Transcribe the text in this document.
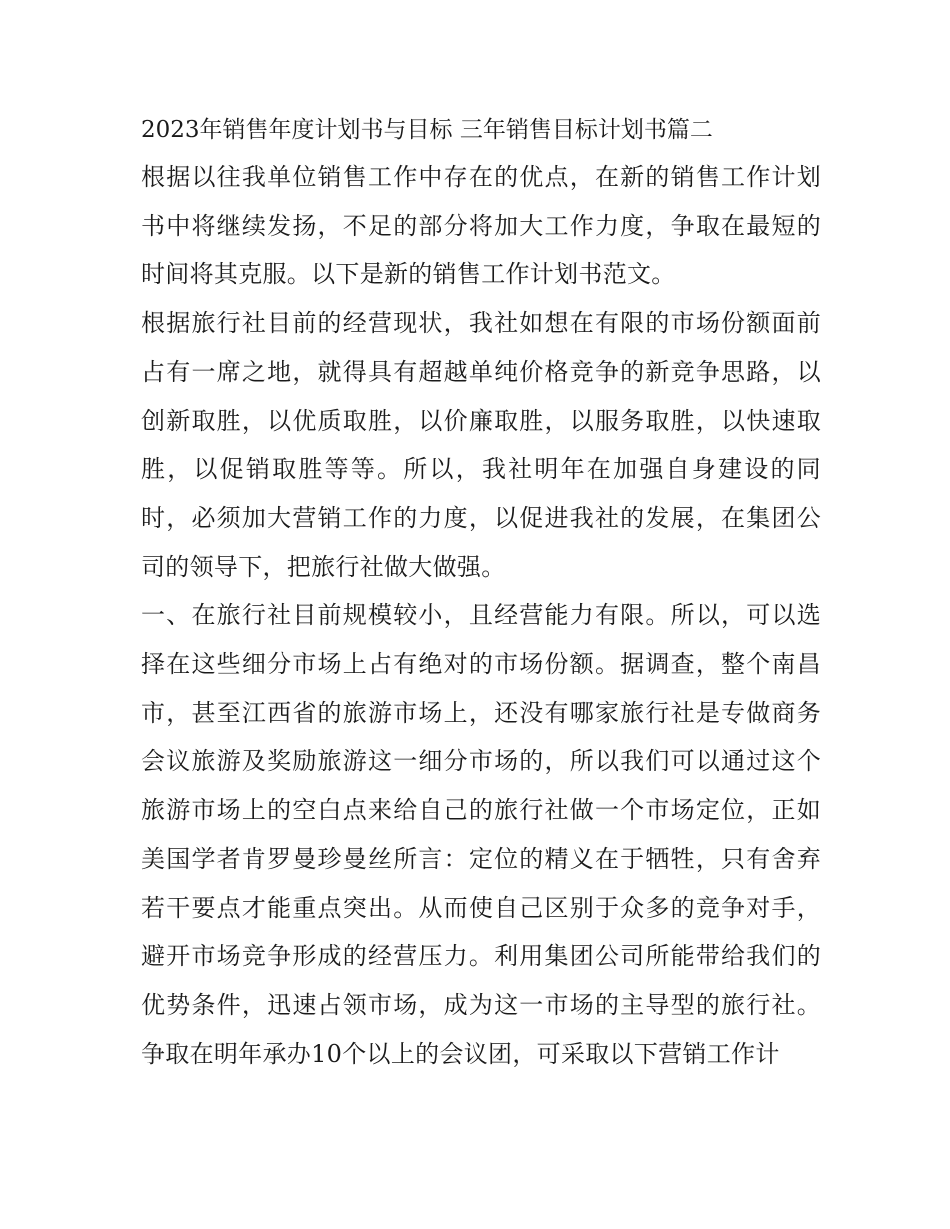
2023年销售年度计划书与目标 三年销售目标计划书篇二

根据以往我单位销售工作中存在的优点，在新的销售工作计划书中将继续发扬，不足的部分将加大工作力度，争取在最短的时间将其克服。以下是新的销售工作计划书范文。

根据旅行社目前的经营现状，我社如想在有限的市场份额面前占有一席之地，就得具有超越单纯价格竞争的新竞争思路，以创新取胜，以优质取胜，以价廉取胜，以服务取胜，以快速取胜，以促销取胜等等。所以，我社明年在加强自身建设的同时，必须加大营销工作的力度，以促进我社的发展，在集团公司的领导下，把旅行社做大做强。

一、在旅行社目前规模较小，且经营能力有限。所以，可以选择在这些细分市场上占有绝对的市场份额。据调查，整个南昌市，甚至江西省的旅游市场上，还没有哪家旅行社是专做商务会议旅游及奖励旅游这一细分市场的，所以我们可以通过这个旅游市场上的空白点来给自己的旅行社做一个市场定位，正如美国学者肯罗曼珍曼丝所言：定位的精义在于牺牲，只有舍弃若干要点才能重点突出。从而使自己区别于众多的竞争对手，避开市场竞争形成的经营压力。利用集团公司所能带给我们的优势条件，迅速占领市场，成为这一市场的主导型的旅行社。争取在明年承办10个以上的会议团，可采取以下营销工作计
